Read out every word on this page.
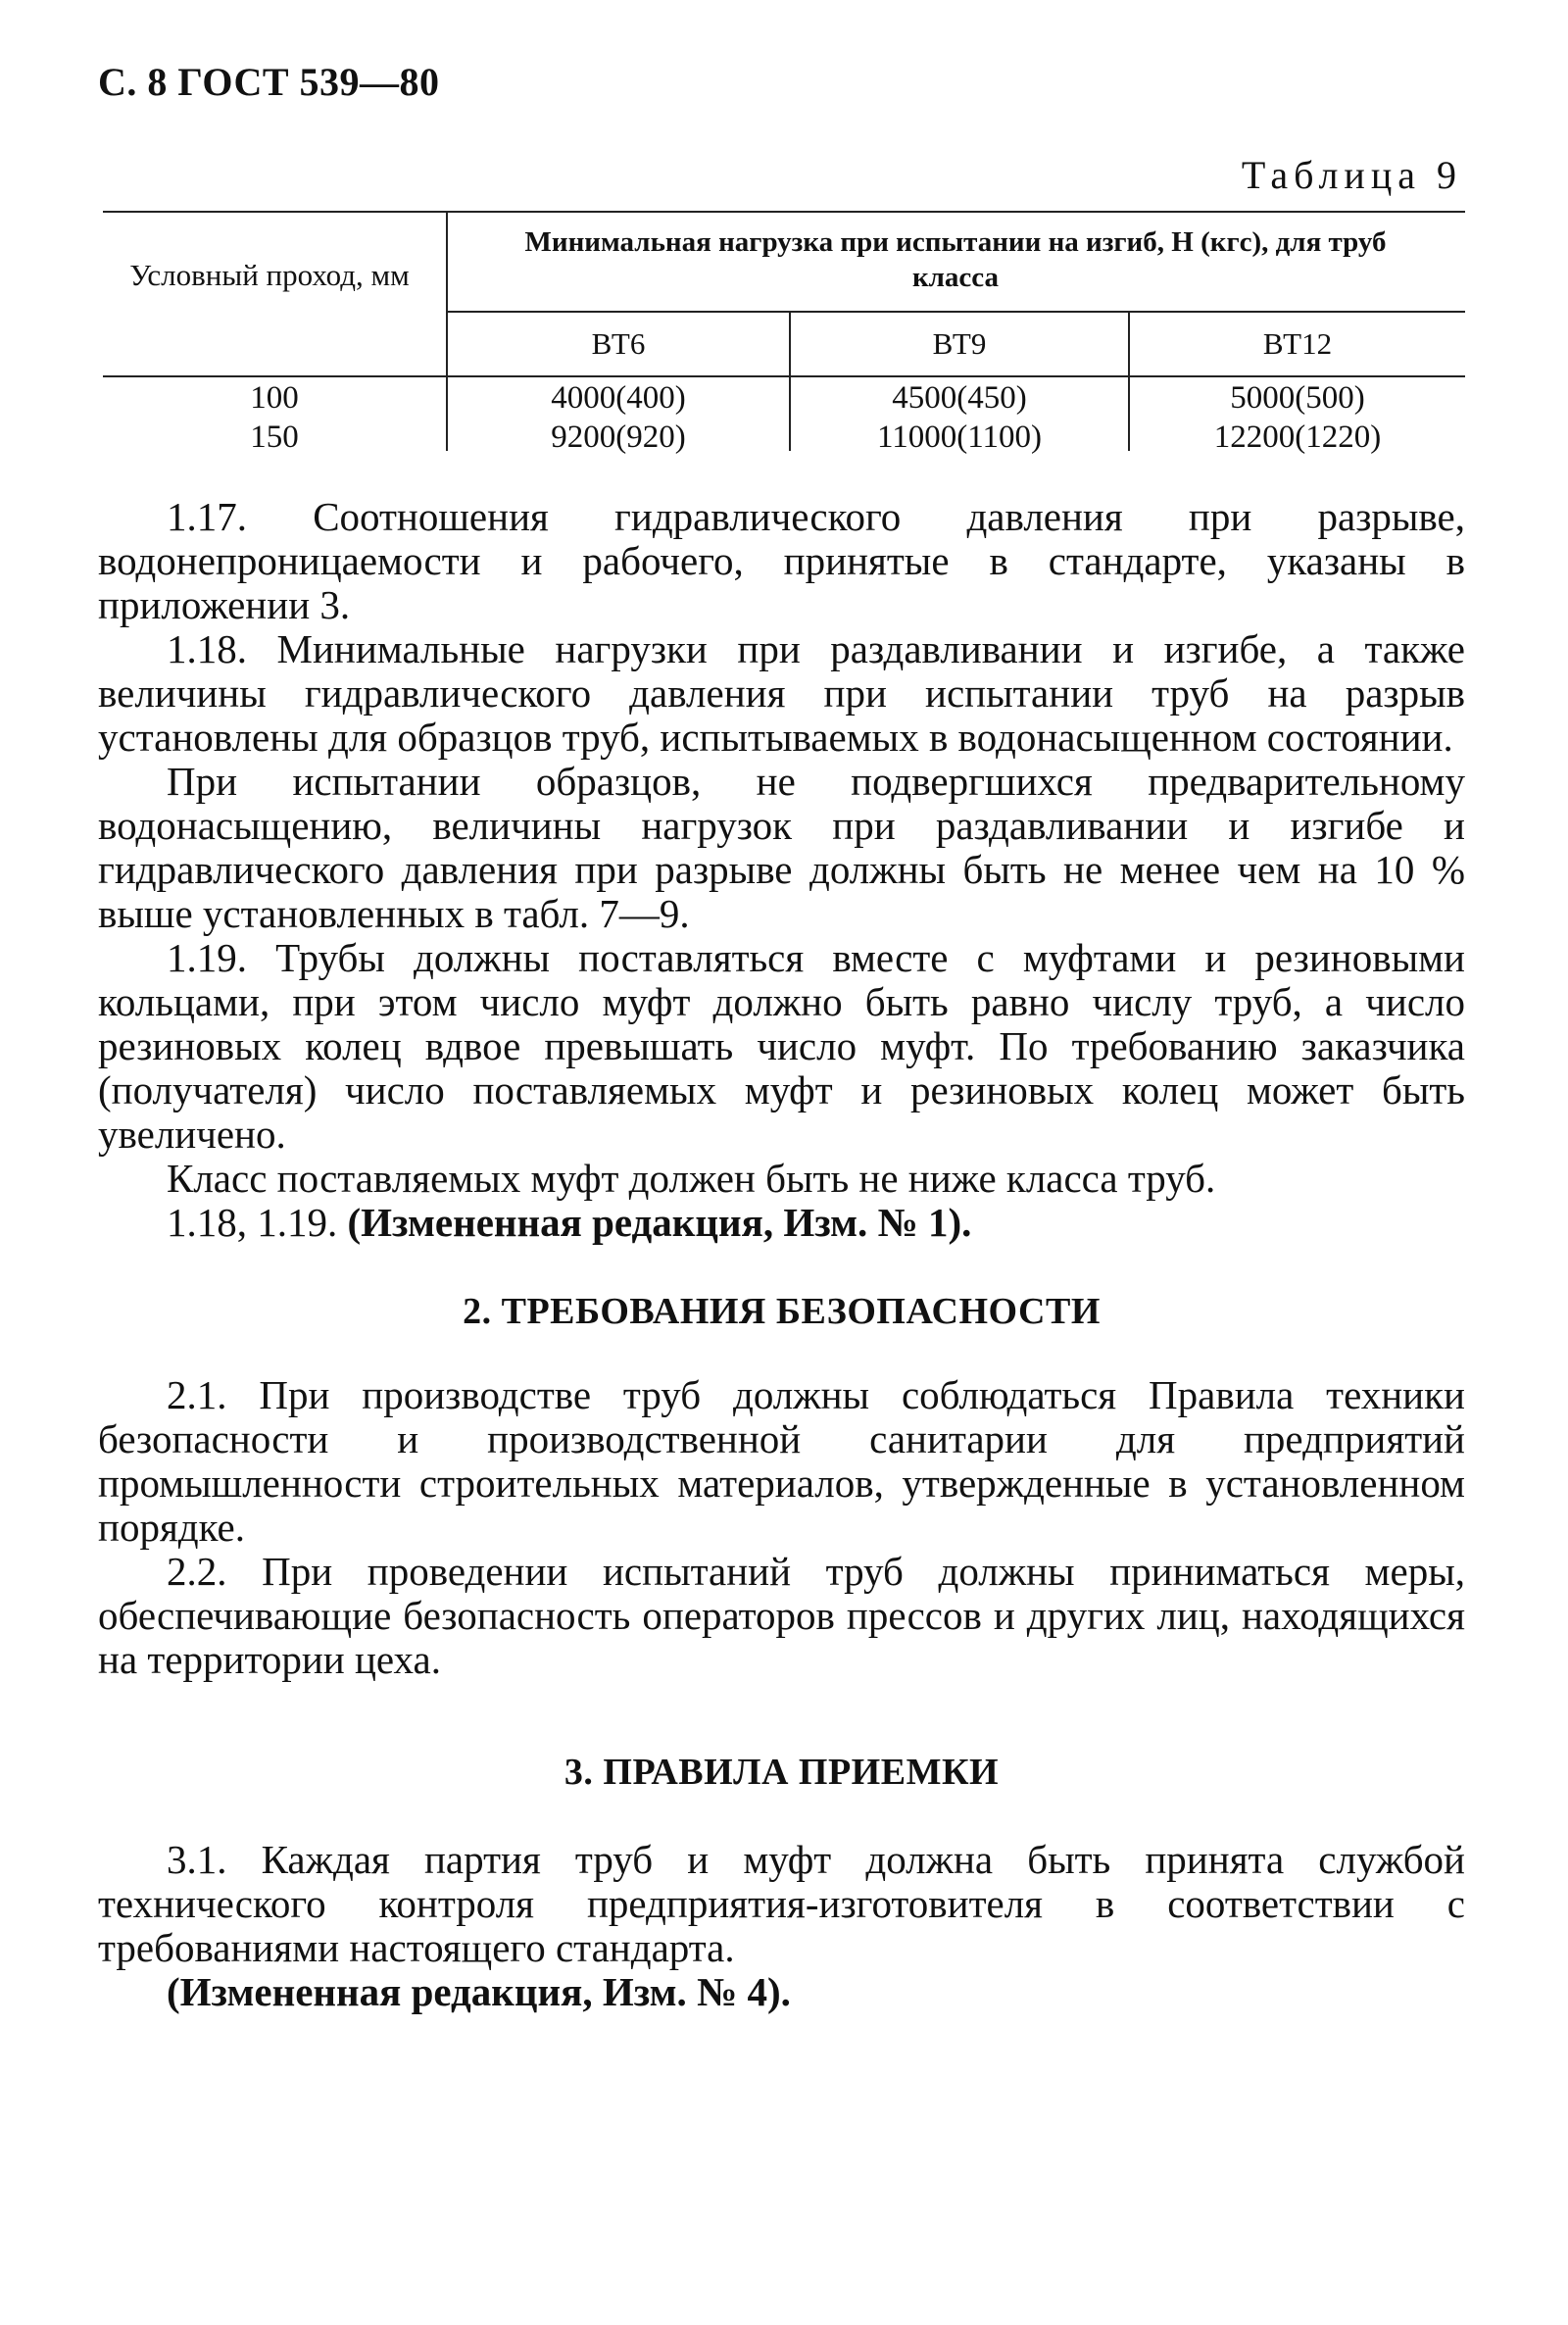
С. 8 ГОСТ 539—80
Таблица 9
Условный проход, мм
Минимальная нагрузка при испытании на изгиб, Н (кгс), для труб класса
ВТ6	ВТ9	ВТ12
100	4000(400)	4500(450)	5000(500)
150	9200(920)	11000(1100)	12200(1220)

1.17. Соотношения гидравлического давления при разрыве, водонепроницаемости и рабочего, принятые в стандарте, указаны в приложении 3.

1.18. Минимальные нагрузки при раздавливании и изгибе, а также величины гидравлического давления при испытании труб на разрыв установлены для образцов труб, испытываемых в водонасыщенном состоянии.

При испытании образцов, не подвергшихся предварительному водонасыщению, величины нагрузок при раздавливании и изгибе и гидравлического давления при разрыве должны быть не менее чем на 10 % выше установленных в табл. 7—9.

1.19. Трубы должны поставляться вместе с муфтами и резиновыми кольцами, при этом число муфт должно быть равно числу труб, а число резиновых колец вдвое превышать число муфт. По требованию заказчика (получателя) число поставляемых муфт и резиновых колец может быть увеличено.

Класс поставляемых муфт должен быть не ниже класса труб.

1.18, 1.19. (Измененная редакция, Изм. № 1).

2. ТРЕБОВАНИЯ БЕЗОПАСНОСТИ

2.1. При производстве труб должны соблюдаться Правила техники безопасности и производственной санитарии для предприятий промышленности строительных материалов, утвержденные в установленном порядке.

2.2. При проведении испытаний труб должны приниматься меры, обеспечивающие безопасность операторов прессов и других лиц, находящихся на территории цеха.

3. ПРАВИЛА ПРИЕМКИ

3.1. Каждая партия труб и муфт должна быть принята службой технического контроля предприятия-изготовителя в соответствии с требованиями настоящего стандарта.

(Измененная редакция, Изм. № 4).
